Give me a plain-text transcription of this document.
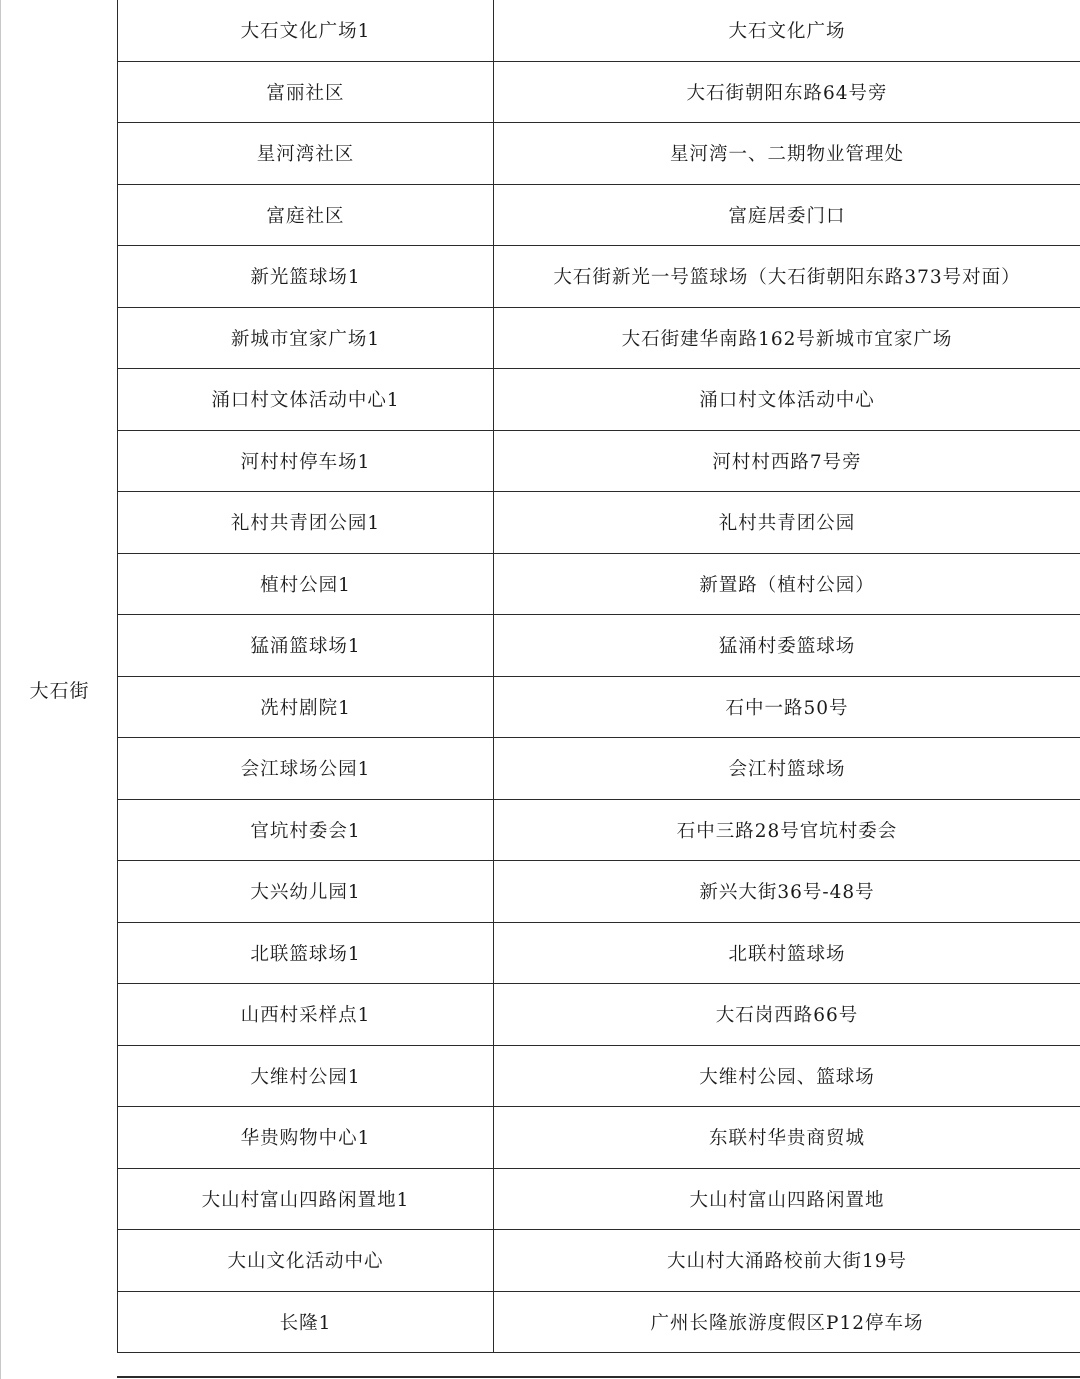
大石街
大石文化广场1	大石文化广场
富丽社区	大石街朝阳东路64号旁
星河湾社区	星河湾一、二期物业管理处
富庭社区	富庭居委门口
新光篮球场1	大石街新光一号篮球场（大石街朝阳东路373号对面）
新城市宜家广场1	大石街建华南路162号新城市宜家广场
涌口村文体活动中心1	涌口村文体活动中心
河村村停车场1	河村村西路7号旁
礼村共青团公园1	礼村共青团公园
植村公园1	新置路（植村公园）
猛涌篮球场1	猛涌村委篮球场
冼村剧院1	石中一路50号
会江球场公园1	会江村篮球场
官坑村委会1	石中三路28号官坑村委会
大兴幼儿园1	新兴大街36号-48号
北联篮球场1	北联村篮球场
山西村采样点1	大石岗西路66号
大维村公园1	大维村公园、篮球场
华贵购物中心1	东联村华贵商贸城
大山村富山四路闲置地1	大山村富山四路闲置地
大山文化活动中心	大山村大涌路校前大街19号
长隆1	广州长隆旅游度假区P12停车场
